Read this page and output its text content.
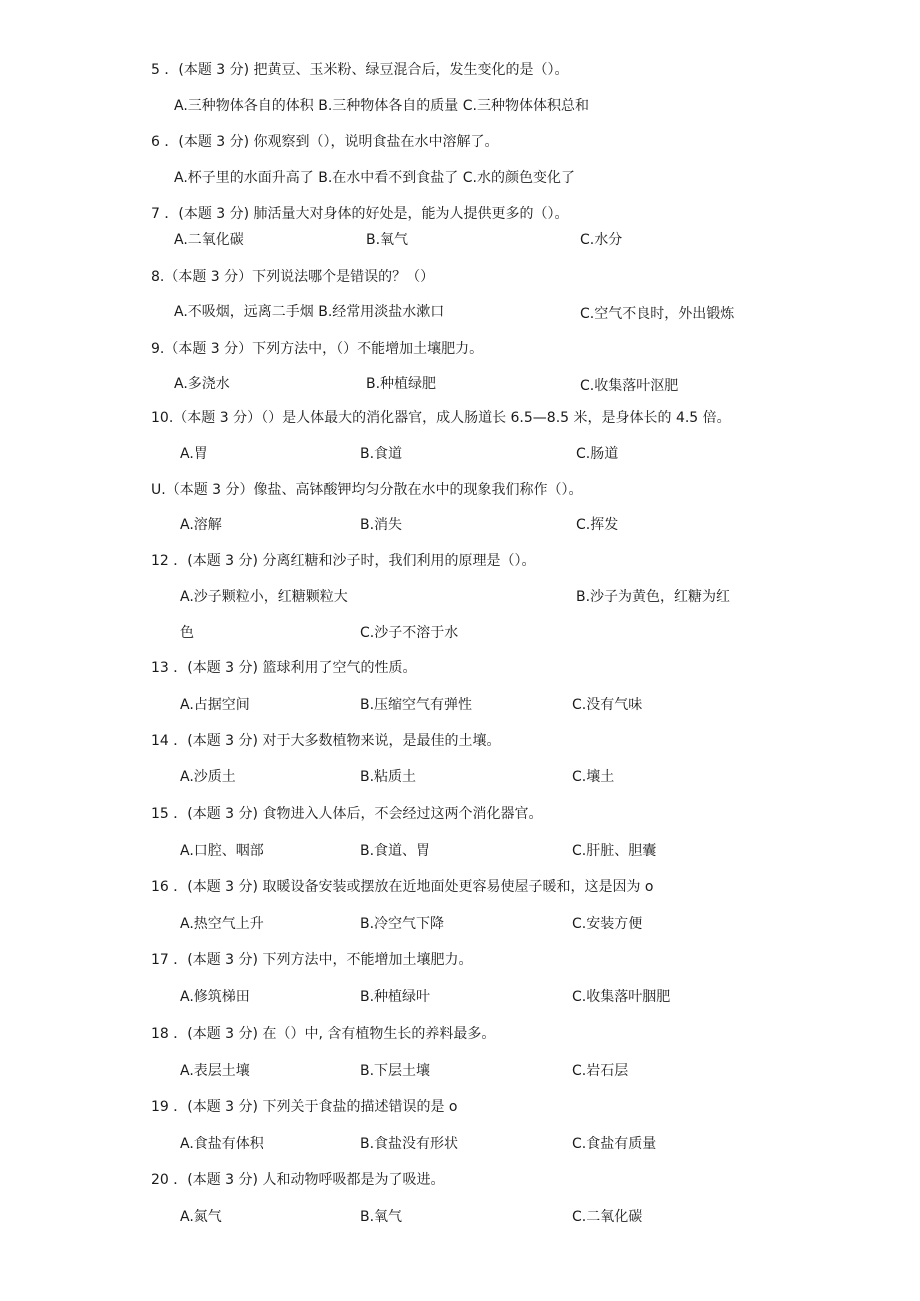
5 ．(本题 3 分) 把黄豆、玉米粉、绿豆混合后，发生变化的是（）。
A.三种物体各自的体积 B.三种物体各自的质量 C.三种物体体积总和
6 ．(本题 3 分) 你观察到（），说明食盐在水中溶解了。
A.杯子里的水面升高了 B.在水中看不到食盐了 C.水的颜色变化了
7 ．(本题 3 分) 肺活量大对身体的好处是，能为人提供更多的（）。
A.二氧化碳	B.氧气	C.水分
8.（本题 3 分）下列说法哪个是错误的？（）
A.不吸烟，远离二手烟 B.经常用淡盐水漱口	C.空气不良时，外出锻炼
9.（本题 3 分）下列方法中，（）不能增加土壤肥力。
A.多浇水	B.种植绿肥	C.收集落叶沤肥
10.（本题 3 分）（）是人体最大的消化器官，成人肠道长 6.5—8.5 米，是身体长的 4.5 倍。
A.胃	B.食道	C.肠道
U.（本题 3 分）像盐、高钵酸钾均匀分散在水中的现象我们称作（）。
A.溶解	B.消失	C.挥发
12 ．(本题 3 分) 分离红糖和沙子时，我们利用的原理是（）。
A.沙子颗粒小，红糖颗粒大	B.沙子为黄色，红糖为红
色	C.沙子不溶于水
13 ．(本题 3 分) 篮球利用了空气的性质。
A.占据空间	B.压缩空气有弹性	C.没有气味
14 ．(本题 3 分) 对于大多数植物来说，是最佳的土壤。
A.沙质土	B.粘质土	C.壤土
15 ．(本题 3 分) 食物进入人体后，不会经过这两个消化器官。
A.口腔、咽部	B.食道、胃	C.肝脏、胆囊
16 ．(本题 3 分) 取暖设备安装或摆放在近地面处更容易使屋子暖和，这是因为 o
A.热空气上升	B.冷空气下降	C.安装方便
17 ．(本题 3 分) 下列方法中，不能增加土壤肥力。
A.修筑梯田	B.种植绿叶	C.收集落叶胭肥
18 ．(本题 3 分) 在（）中, 含有植物生长的养料最多。
A.表层土壤	B.下层土壤	C.岩石层
19 ．(本题 3 分) 下列关于食盐的描述错误的是 o
A.食盐有体积	B.食盐没有形状	C.食盐有质量
20 ．(本题 3 分) 人和动物呼吸都是为了吸进。
A.氮气	B.氧气	C.二氧化碳
